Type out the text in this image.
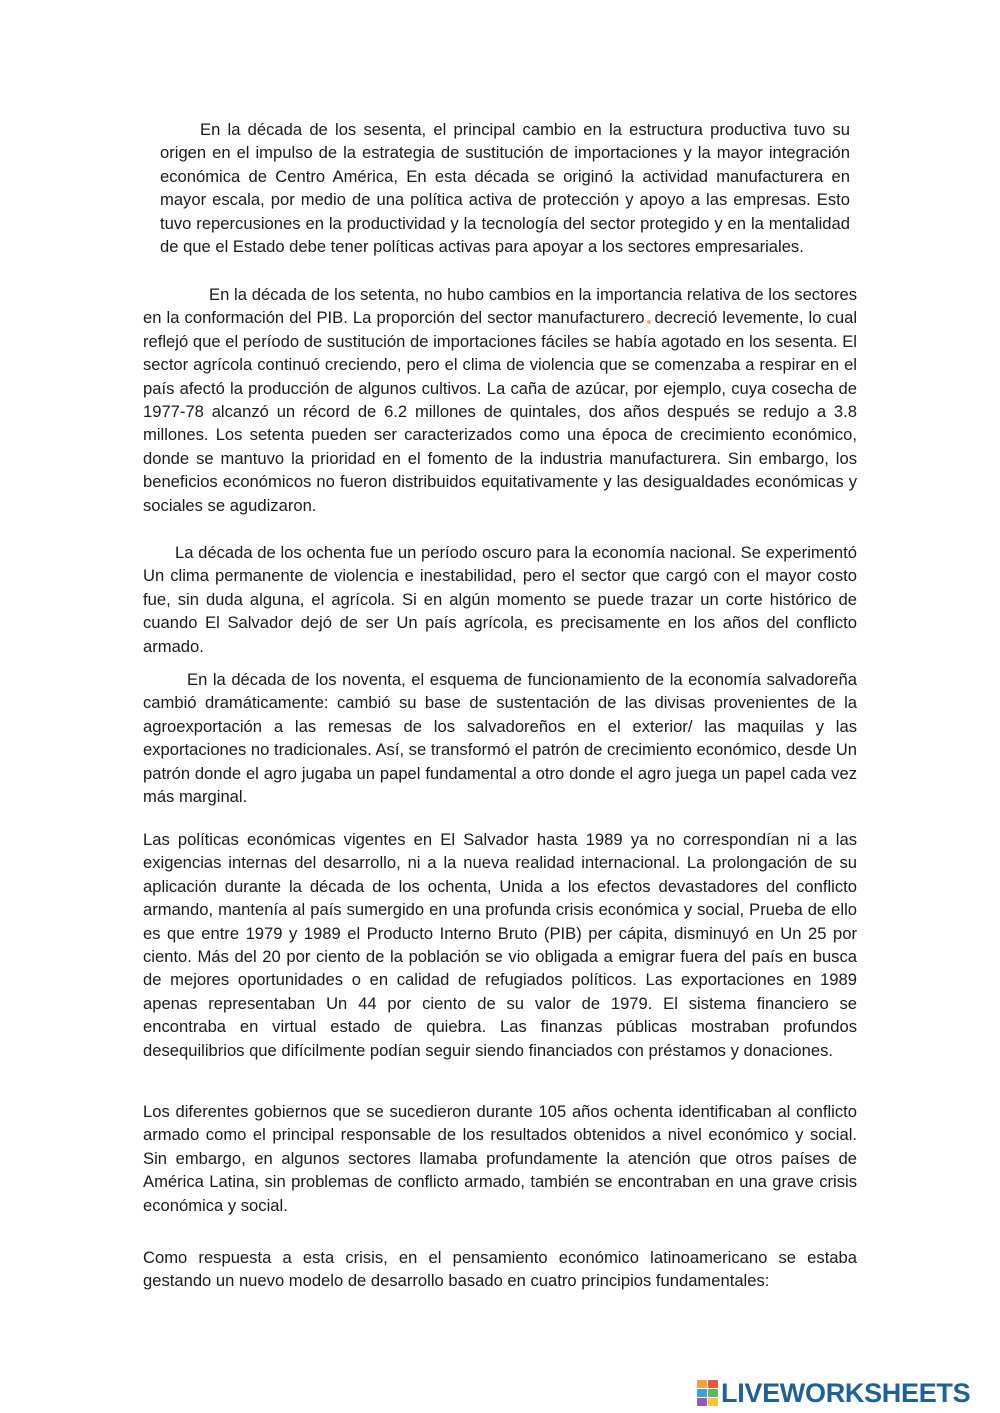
En la década de los sesenta, el principal cambio en la estructura productiva tuvo su origen en el impulso de la estrategia de sustitución de importaciones y la mayor integración económica de Centro América, En esta década se originó la actividad manufacturera en mayor escala, por medio de una política activa de protección y apoyo a las empresas. Esto tuvo repercusiones en la productividad y la tecnología del sector protegido y en la mentalidad de que el Estado debe tener políticas activas para apoyar a los sectores empresariales.

En la década de los setenta, no hubo cambios en la importancia relativa de los sectores en la conformación del PIB. La proporción del sector manufacturero decreció levemente, lo cual reflejó que el período de sustitución de importaciones fáciles se había agotado en los sesenta. El sector agrícola continuó creciendo, pero el clima de violencia que se comenzaba a respirar en el país afectó la producción de algunos cultivos. La caña de azúcar, por ejemplo, cuya cosecha de 1977-78 alcanzó un récord de 6.2 millones de quintales, dos años después se redujo a 3.8 millones. Los setenta pueden ser caracterizados como una época de crecimiento económico, donde se mantuvo la prioridad en el fomento de la industria manufacturera. Sin embargo, los beneficios económicos no fueron distribuidos equitativamente y las desigualdades económicas y sociales se agudizaron.

La década de los ochenta fue un período oscuro para la economía nacional. Se experimentó Un clima permanente de violencia e inestabilidad, pero el sector que cargó con el mayor costo fue, sin duda alguna, el agrícola. Si en algún momento se puede trazar un corte histórico de cuando El Salvador dejó de ser Un país agrícola, es precisamente en los años del conflicto armado.

En la década de los noventa, el esquema de funcionamiento de la economía salvadoreña cambió dramáticamente: cambió su base de sustentación de las divisas provenientes de la agroexportación a las remesas de los salvadoreños en el exterior/ las maquilas y las exportaciones no tradicionales. Así, se transformó el patrón de crecimiento económico, desde Un patrón donde el agro jugaba un papel fundamental a otro donde el agro juega un papel cada vez más marginal.

Las políticas económicas vigentes en El Salvador hasta 1989 ya no correspondían ni a las exigencias internas del desarrollo, ni a la nueva realidad internacional. La prolongación de su aplicación durante la década de los ochenta, Unida a los efectos devastadores del conflicto armando, mantenía al país sumergido en una profunda crisis económica y social, Prueba de ello es que entre 1979 y 1989 el Producto Interno Bruto (PIB) per cápita, disminuyó en Un 25 por ciento. Más del 20 por ciento de la población se vio obligada a emigrar fuera del país en busca de mejores oportunidades o en calidad de refugiados políticos. Las exportaciones en 1989 apenas representaban Un 44 por ciento de su valor de 1979. El sistema financiero se encontraba en virtual estado de quiebra. Las finanzas públicas mostraban profundos desequilibrios que difícilmente podían seguir siendo financiados con préstamos y donaciones.

Los diferentes gobiernos que se sucedieron durante 105 años ochenta identificaban al conflicto armado como el principal responsable de los resultados obtenidos a nivel económico y social. Sin embargo, en algunos sectores llamaba profundamente la atención que otros países de América Latina, sin problemas de conflicto armado, también se encontraban en una grave crisis económica y social.

Como respuesta a esta crisis, en el pensamiento económico latinoamericano se estaba gestando un nuevo modelo de desarrollo basado en cuatro principios fundamentales:

LIVEWORKSHEETS
